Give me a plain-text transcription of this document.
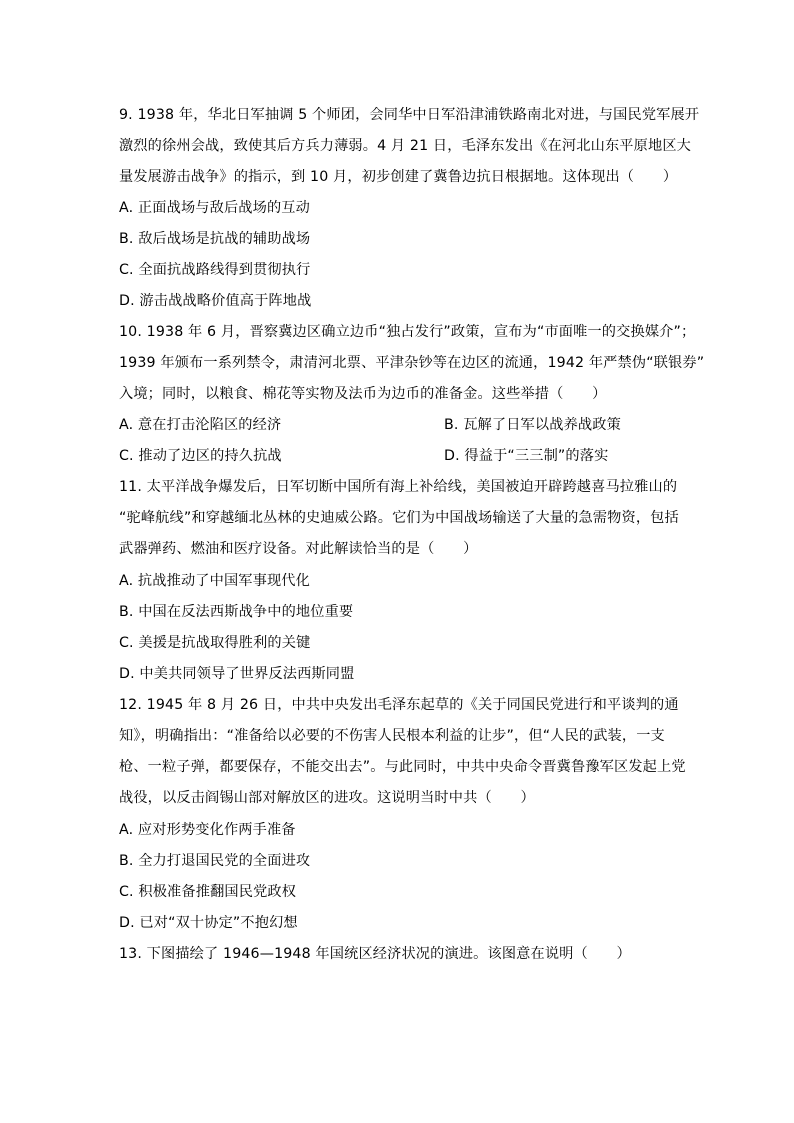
9. 1938 年，华北日军抽调 5 个师团，会同华中日军沿津浦铁路南北对进，与国民党军展开
激烈的徐州会战，致使其后方兵力薄弱。4 月 21 日，毛泽东发出《在河北山东平原地区大
量发展游击战争》的指示，到 10 月，初步创建了冀鲁边抗日根据地。这体现出（　　）
A. 正面战场与敌后战场的互动
B. 敌后战场是抗战的辅助战场
C. 全面抗战路线得到贯彻执行
D. 游击战战略价值高于阵地战
10. 1938 年 6 月，晋察冀边区确立边币“独占发行”政策，宣布为“市面唯一的交换媒介”；
1939 年颁布一系列禁令，肃清河北票、平津杂钞等在边区的流通，1942 年严禁伪“联银券”
入境；同时，以粮食、棉花等实物及法币为边币的准备金。这些举措（　　）
A. 意在打击沦陷区的经济	B. 瓦解了日军以战养战政策
C. 推动了边区的持久抗战	D. 得益于“三三制”的落实
11. 太平洋战争爆发后，日军切断中国所有海上补给线，美国被迫开辟跨越喜马拉雅山的
“驼峰航线”和穿越缅北丛林的史迪威公路。它们为中国战场输送了大量的急需物资，包括
武器弹药、燃油和医疗设备。对此解读恰当的是（　　）
A. 抗战推动了中国军事现代化
B. 中国在反法西斯战争中的地位重要
C. 美援是抗战取得胜利的关键
D. 中美共同领导了世界反法西斯同盟
12. 1945 年 8 月 26 日，中共中央发出毛泽东起草的《关于同国民党进行和平谈判的通
知》，明确指出：“准备给以必要的不伤害人民根本利益的让步”，但“人民的武装，一支
枪、一粒子弹，都要保存，不能交出去”。与此同时，中共中央命令晋冀鲁豫军区发起上党
战役，以反击阎锡山部对解放区的进攻。这说明当时中共（　　）
A. 应对形势变化作两手准备
B. 全力打退国民党的全面进攻
C. 积极准备推翻国民党政权
D. 已对“双十协定”不抱幻想
13. 下图描绘了 1946—1948 年国统区经济状况的演进。该图意在说明（　　）
